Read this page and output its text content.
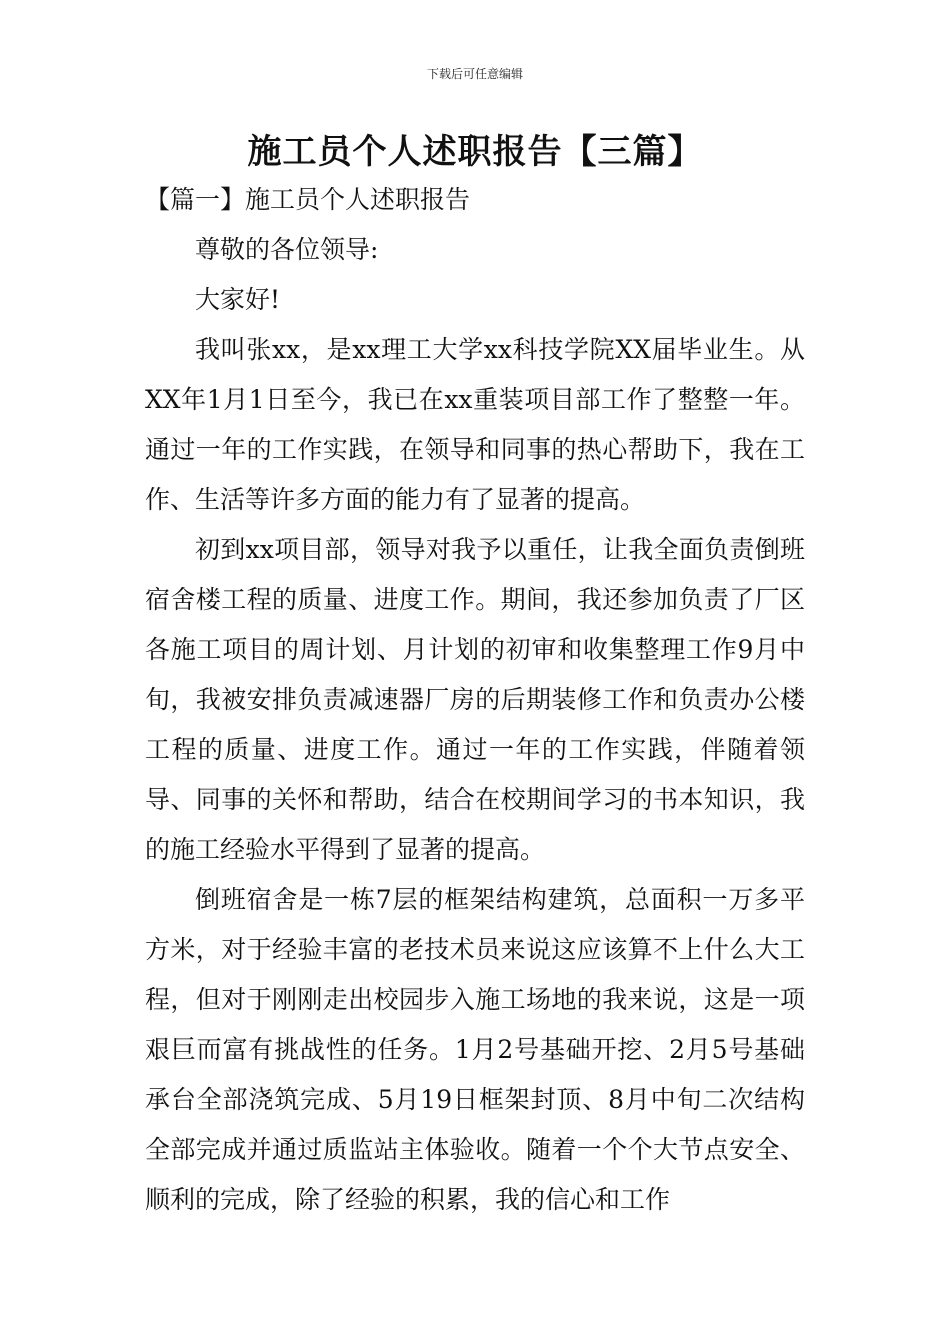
下载后可任意编辑
施工员个人述职报告【三篇】

【篇一】施工员个人述职报告

尊敬的各位领导:

大家好!

我叫张xx，是xx理工大学xx科技学院XX届毕业生。从XX年1月1日至今，我已在xx重装项目部工作了整整一年。通过一年的工作实践，在领导和同事的热心帮助下，我在工作、生活等许多方面的能力有了显著的提高。

初到xx项目部，领导对我予以重任，让我全面负责倒班宿舍楼工程的质量、进度工作。期间，我还参加负责了厂区各施工项目的周计划、月计划的初审和收集整理工作9月中旬，我被安排负责减速器厂房的后期装修工作和负责办公楼工程的质量、进度工作。通过一年的工作实践，伴随着领导、同事的关怀和帮助，结合在校期间学习的书本知识，我的施工经验水平得到了显著的提高。

倒班宿舍是一栋7层的框架结构建筑，总面积一万多平方米，对于经验丰富的老技术员来说这应该算不上什么大工程，但对于刚刚走出校园步入施工场地的我来说，这是一项艰巨而富有挑战性的任务。1月2号基础开挖、2月5号基础承台全部浇筑完成、5月19日框架封顶、8月中旬二次结构全部完成并通过质监站主体验收。随着一个个大节点安全、顺利的完成，除了经验的积累，我的信心和工作
